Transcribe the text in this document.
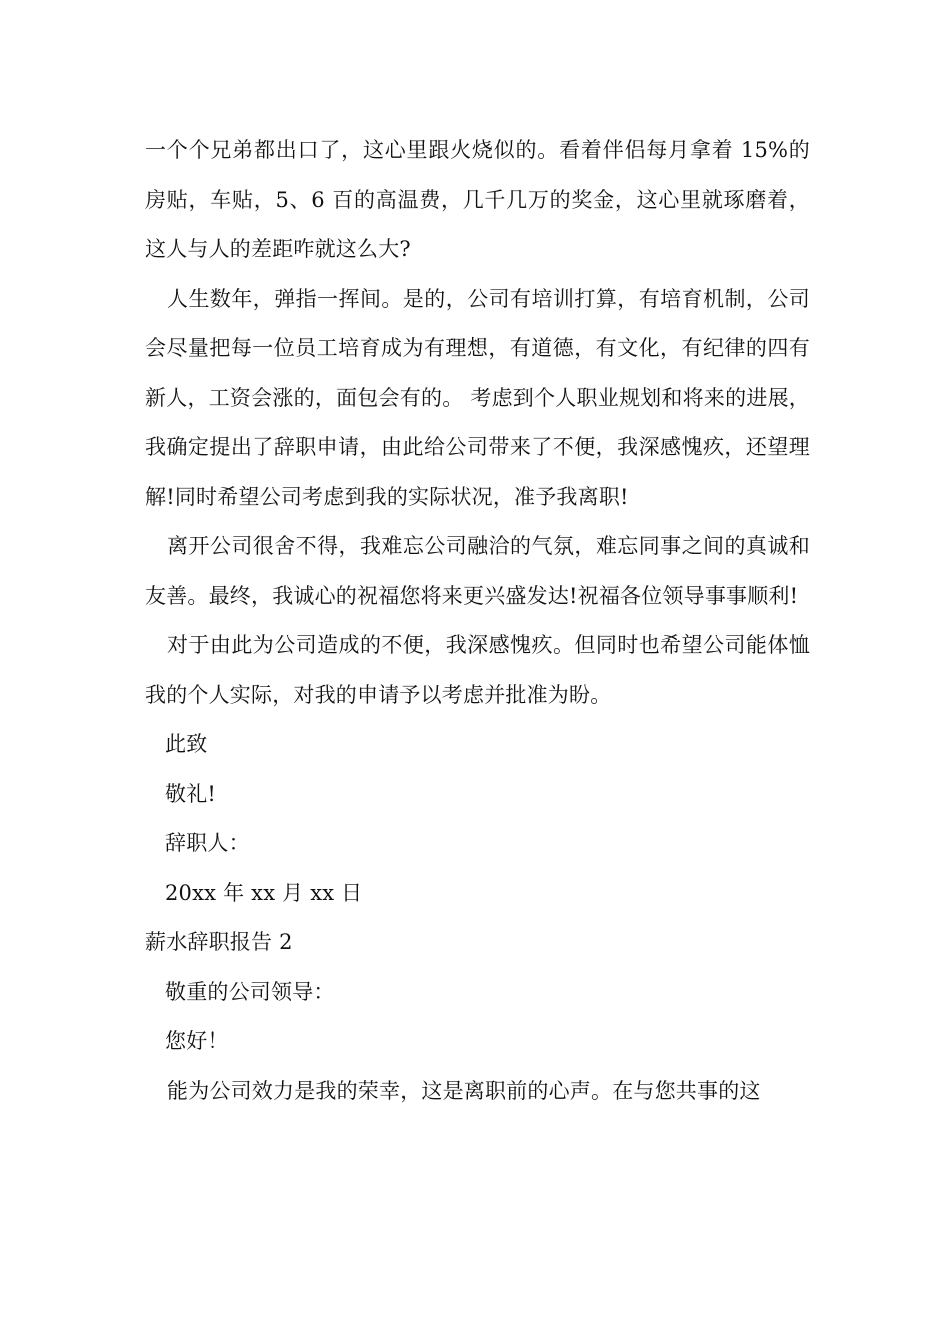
一个个兄弟都出口了，这心里跟火烧似的。看着伴侣每月拿着 15%的房贴，车贴，5、6 百的高温费，几千几万的奖金，这心里就琢磨着，这人与人的差距咋就这么大?

人生数年，弹指一挥间。是的，公司有培训打算，有培育机制，公司会尽量把每一位员工培育成为有理想，有道德，有文化，有纪律的四有新人，工资会涨的，面包会有的。 考虑到个人职业规划和将来的进展，我确定提出了辞职申请，由此给公司带来了不便，我深感愧疚，还望理解!同时希望公司考虑到我的实际状况，准予我离职!

离开公司很舍不得，我难忘公司融洽的气氛，难忘同事之间的真诚和友善。最终，我诚心的祝福您将来更兴盛发达!祝福各位领导事事顺利!

对于由此为公司造成的不便，我深感愧疚。但同时也希望公司能体恤我的个人实际，对我的申请予以考虑并批准为盼。

此致

敬礼!

辞职人：

20xx 年 xx 月 xx 日

薪水辞职报告 2

敬重的公司领导：

您好！

能为公司效力是我的荣幸，这是离职前的心声。在与您共事的这
